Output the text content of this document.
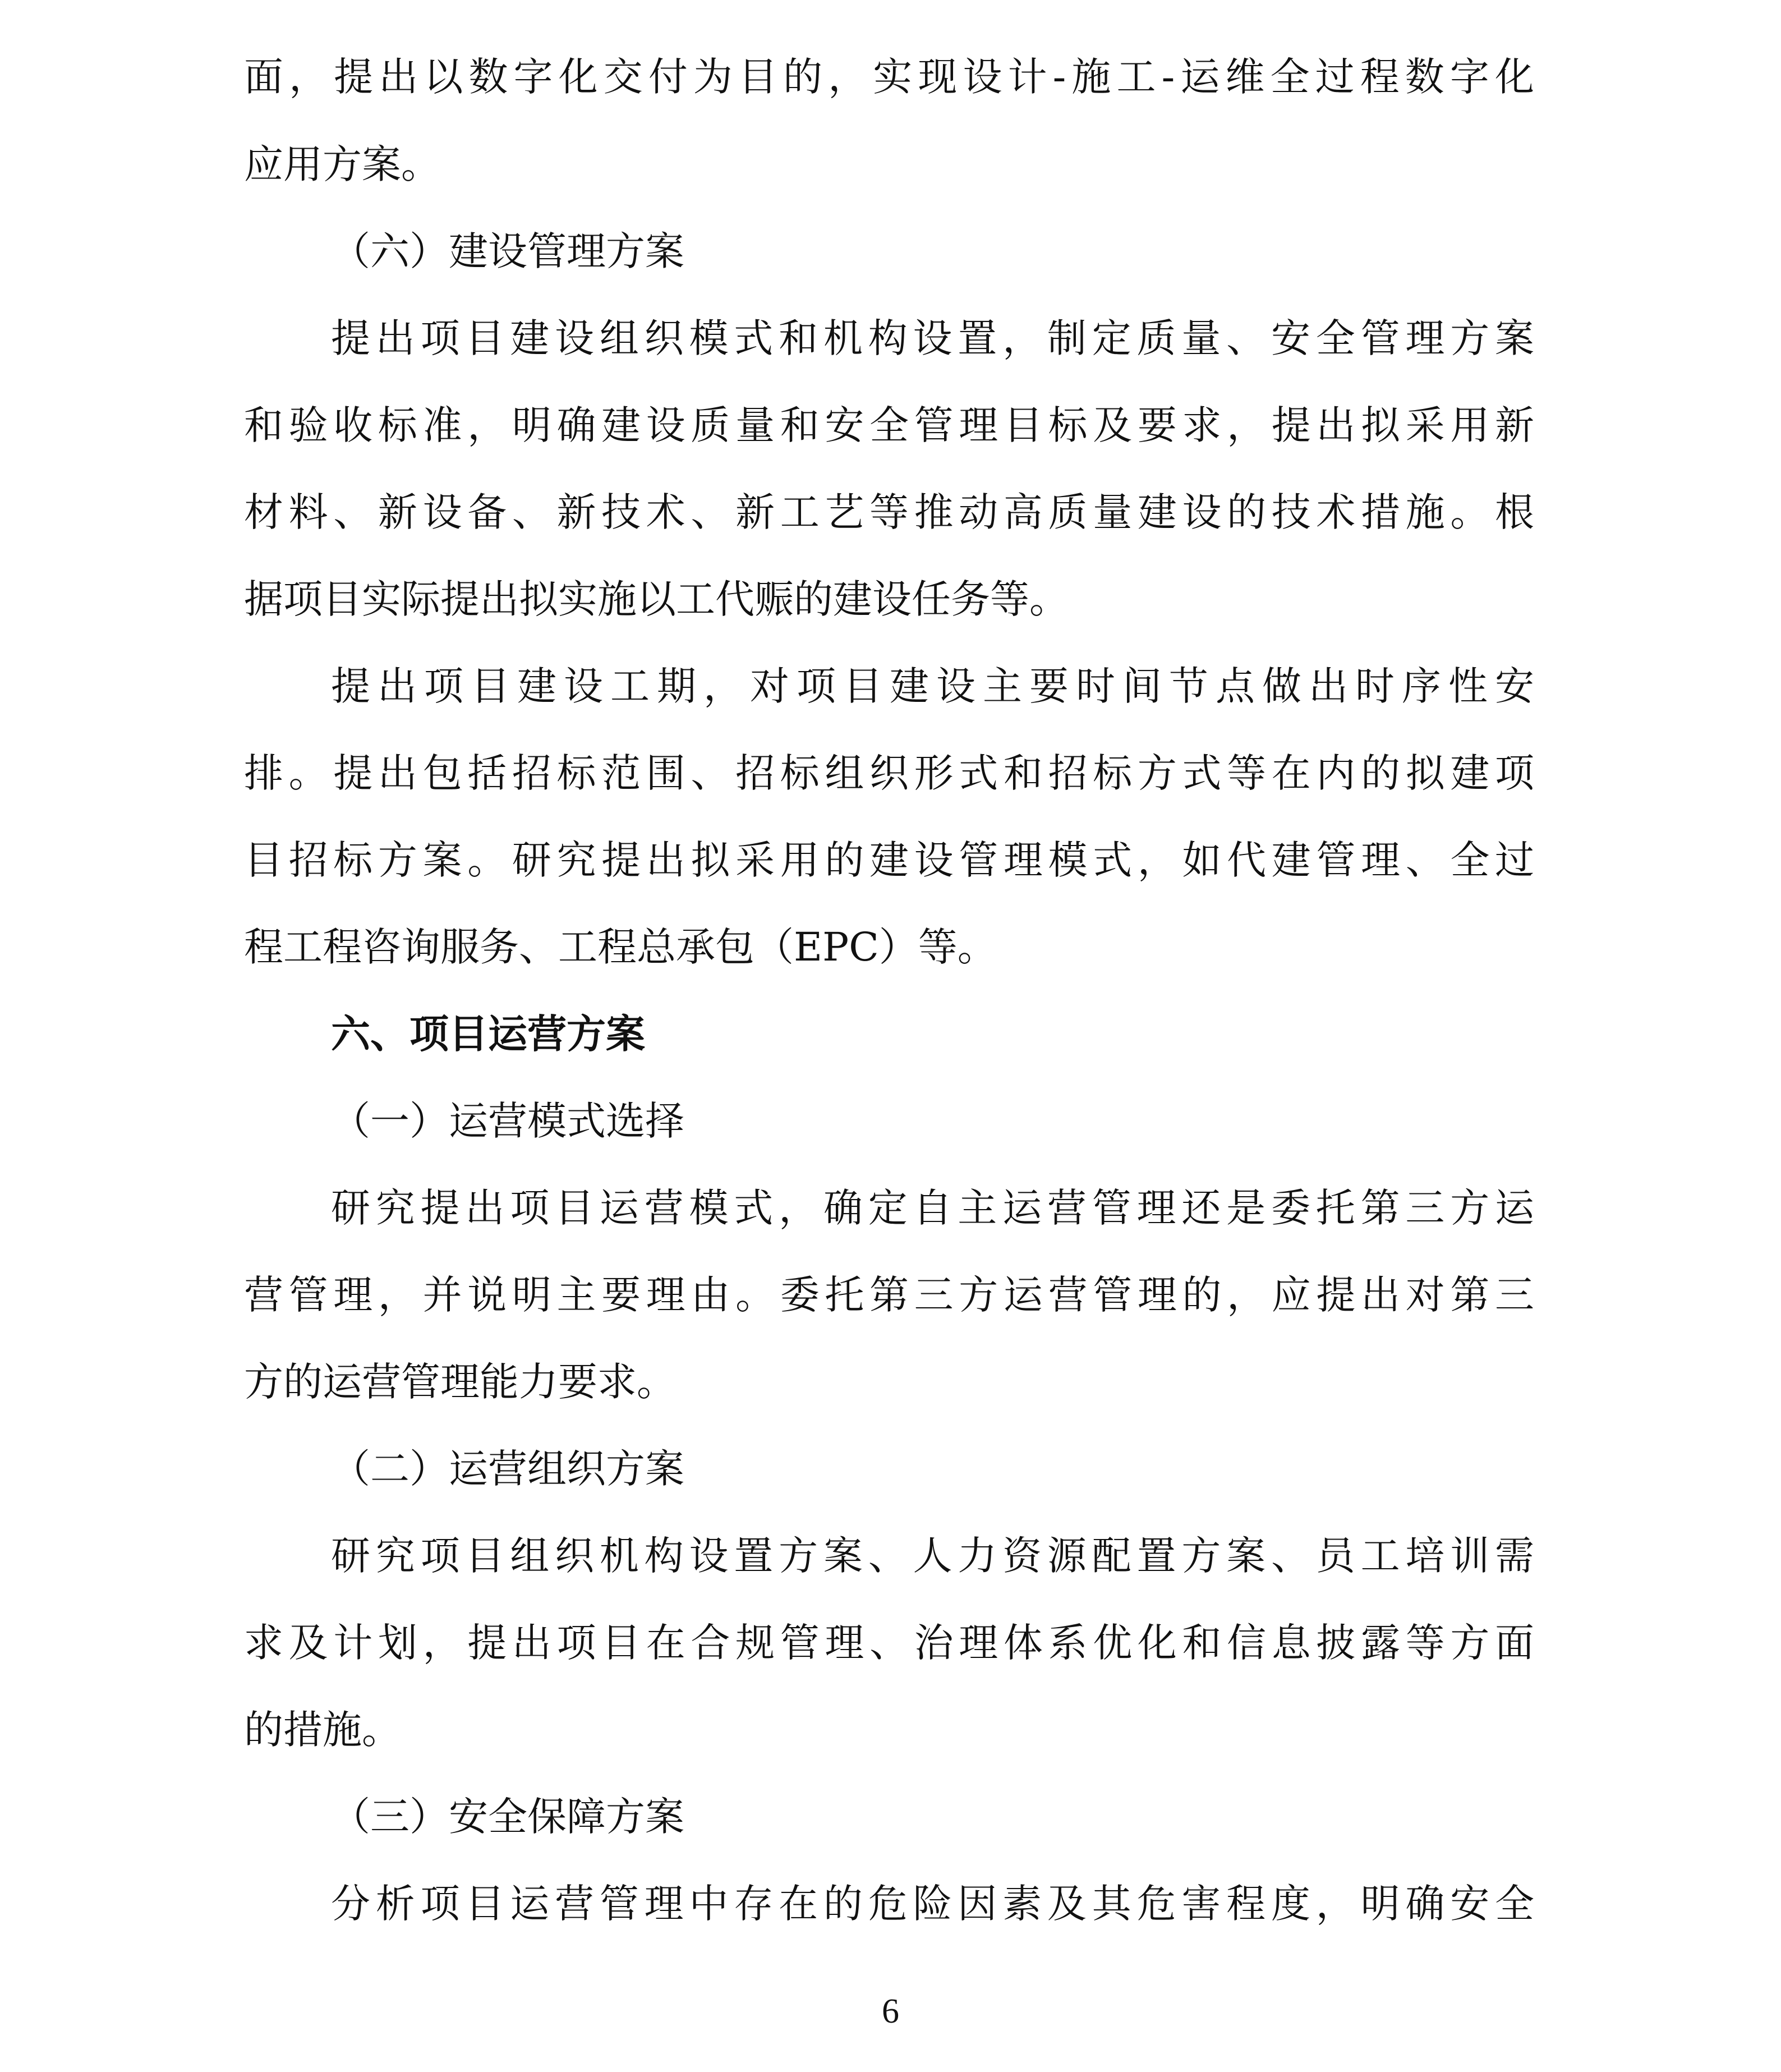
面，提出以数字化交付为目的，实现设计-施工-运维全过程数字化
应用方案。
（六）建设管理方案
提出项目建设组织模式和机构设置，制定质量、安全管理方案
和验收标准，明确建设质量和安全管理目标及要求，提出拟采用新
材料、新设备、新技术、新工艺等推动高质量建设的技术措施。根
据项目实际提出拟实施以工代赈的建设任务等。
提出项目建设工期，对项目建设主要时间节点做出时序性安
排。提出包括招标范围、招标组织形式和招标方式等在内的拟建项
目招标方案。研究提出拟采用的建设管理模式，如代建管理、全过
程工程咨询服务、工程总承包（EPC）等。
六、项目运营方案
（一）运营模式选择
研究提出项目运营模式，确定自主运营管理还是委托第三方运
营管理，并说明主要理由。委托第三方运营管理的，应提出对第三
方的运营管理能力要求。
（二）运营组织方案
研究项目组织机构设置方案、人力资源配置方案、员工培训需
求及计划，提出项目在合规管理、治理体系优化和信息披露等方面
的措施。
（三）安全保障方案
分析项目运营管理中存在的危险因素及其危害程度，明确安全
6
